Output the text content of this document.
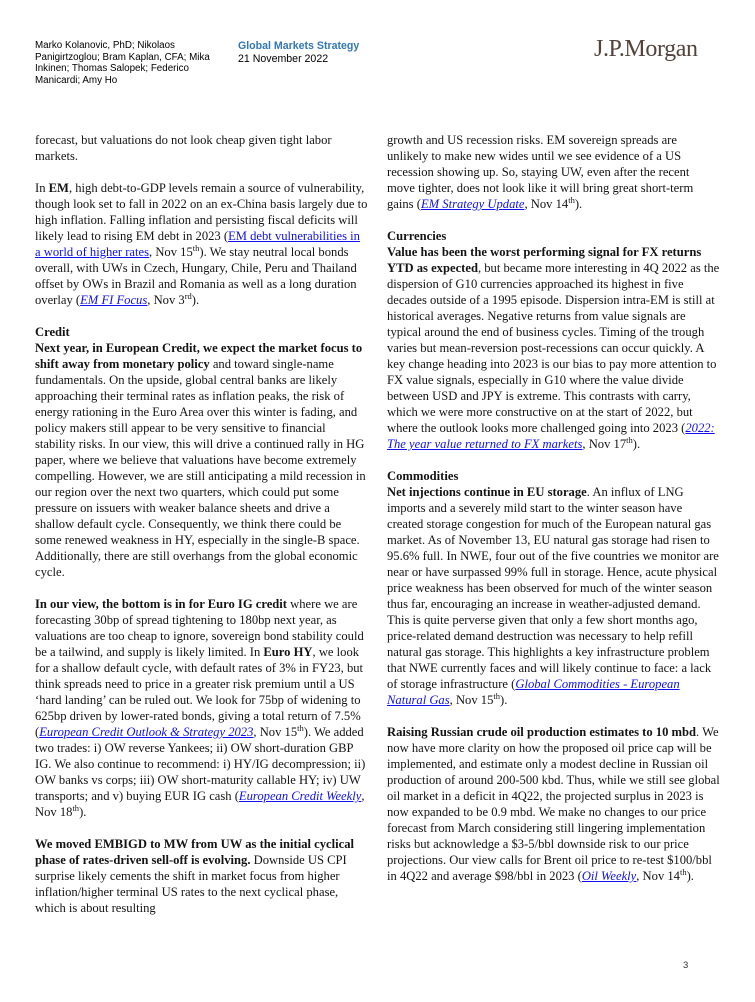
Marko Kolanovic, PhD; Nikolaos Panigirtzoglou; Bram Kaplan, CFA; Mika Inkinen; Thomas Salopek; Federico Manicardi; Amy Ho
Global Markets Strategy
21 November 2022	J.P.Morgan

forecast, but valuations do not look cheap given tight labor markets.

In EM, high debt-to-GDP levels remain a source of vulnerability, though look set to fall in 2022 on an ex-China basis largely due to high inflation. Falling inflation and persisting fiscal deficits will likely lead to rising EM debt in 2023 (EM debt vulnerabilities in a world of higher rates, Nov 15th). We stay neutral local bonds overall, with UWs in Czech, Hungary, Chile, Peru and Thailand offset by OWs in Brazil and Romania as well as a long duration overlay (EM FI Focus, Nov 3rd).

Credit

Next year, in European Credit, we expect the market focus to shift away from monetary policy and toward single-name fundamentals. On the upside, global central banks are likely approaching their terminal rates as inflation peaks, the risk of energy rationing in the Euro Area over this winter is fading, and policy makers still appear to be very sensitive to financial stability risks. In our view, this will drive a continued rally in HG paper, where we believe that valuations have become extremely compelling. However, we are still anticipating a mild recession in our region over the next two quarters, which could put some pressure on issuers with weaker balance sheets and drive a shallow default cycle. Consequently, we think there could be some renewed weakness in HY, especially in the single-B space. Additionally, there are still overhangs from the global economic cycle.

In our view, the bottom is in for Euro IG credit where we are forecasting 30bp of spread tightening to 180bp next year, as valuations are too cheap to ignore, sovereign bond stability could be a tailwind, and supply is likely limited. In Euro HY, we look for a shallow default cycle, with default rates of 3% in FY23, but think spreads need to price in a greater risk premium until a US ‘hard landing’ can be ruled out. We look for 75bp of widening to 625bp driven by lower-rated bonds, giving a total return of 7.5% (European Credit Outlook & Strategy 2023, Nov 15th). We added two trades: i) OW reverse Yankees; ii) OW short-duration GBP IG. We also continue to recommend: i) HY/IG decompression; ii) OW banks vs corps; iii) OW short-maturity callable HY; iv) UW transports; and v) buying EUR IG cash (European Credit Weekly, Nov 18th).

We moved EMBIGD to MW from UW as the initial cyclical phase of rates-driven sell-off is evolving. Downside US CPI surprise likely cements the shift in market focus from higher inflation/higher terminal US rates to the next cyclical phase, which is about resulting

growth and US recession risks. EM sovereign spreads are unlikely to make new wides until we see evidence of a US recession showing up. So, staying UW, even after the recent move tighter, does not look like it will bring great short-term gains (EM Strategy Update, Nov 14th).

Currencies

Value has been the worst performing signal for FX returns YTD as expected, but became more interesting in 4Q 2022 as the dispersion of G10 currencies approached its highest in five decades outside of a 1995 episode. Dispersion intra-EM is still at historical averages. Negative returns from value signals are typical around the end of business cycles. Timing of the trough varies but mean-reversion post-recessions can occur quickly. A key change heading into 2023 is our bias to pay more attention to FX value signals, especially in G10 where the value divide between USD and JPY is extreme. This contrasts with carry, which we were more constructive on at the start of 2022, but where the outlook looks more challenged going into 2023 (2022: The year value returned to FX markets, Nov 17th).

Commodities

Net injections continue in EU storage. An influx of LNG imports and a severely mild start to the winter season have created storage congestion for much of the European natural gas market. As of November 13, EU natural gas storage had risen to 95.6% full. In NWE, four out of the five countries we monitor are near or have surpassed 99% full in storage. Hence, acute physical price weakness has been observed for much of the winter season thus far, encouraging an increase in weather-adjusted demand. This is quite perverse given that only a few short months ago, price-related demand destruction was necessary to help refill natural gas storage. This highlights a key infrastructure problem that NWE currently faces and will likely continue to face: a lack of storage infrastructure (Global Commodities - European Natural Gas, Nov 15th).

Raising Russian crude oil production estimates to 10 mbd. We now have more clarity on how the proposed oil price cap will be implemented, and estimate only a modest decline in Russian oil production of around 200-500 kbd. Thus, while we still see global oil market in a deficit in 4Q22, the projected surplus in 2023 is now expanded to be 0.9 mbd. We make no changes to our price forecast from March considering still lingering implementation risks but acknowledge a $3-5/bbl downside risk to our price projections. Our view calls for Brent oil price to re-test $100/bbl in 4Q22 and average $98/bbl in 2023 (Oil Weekly, Nov 14th).

3
